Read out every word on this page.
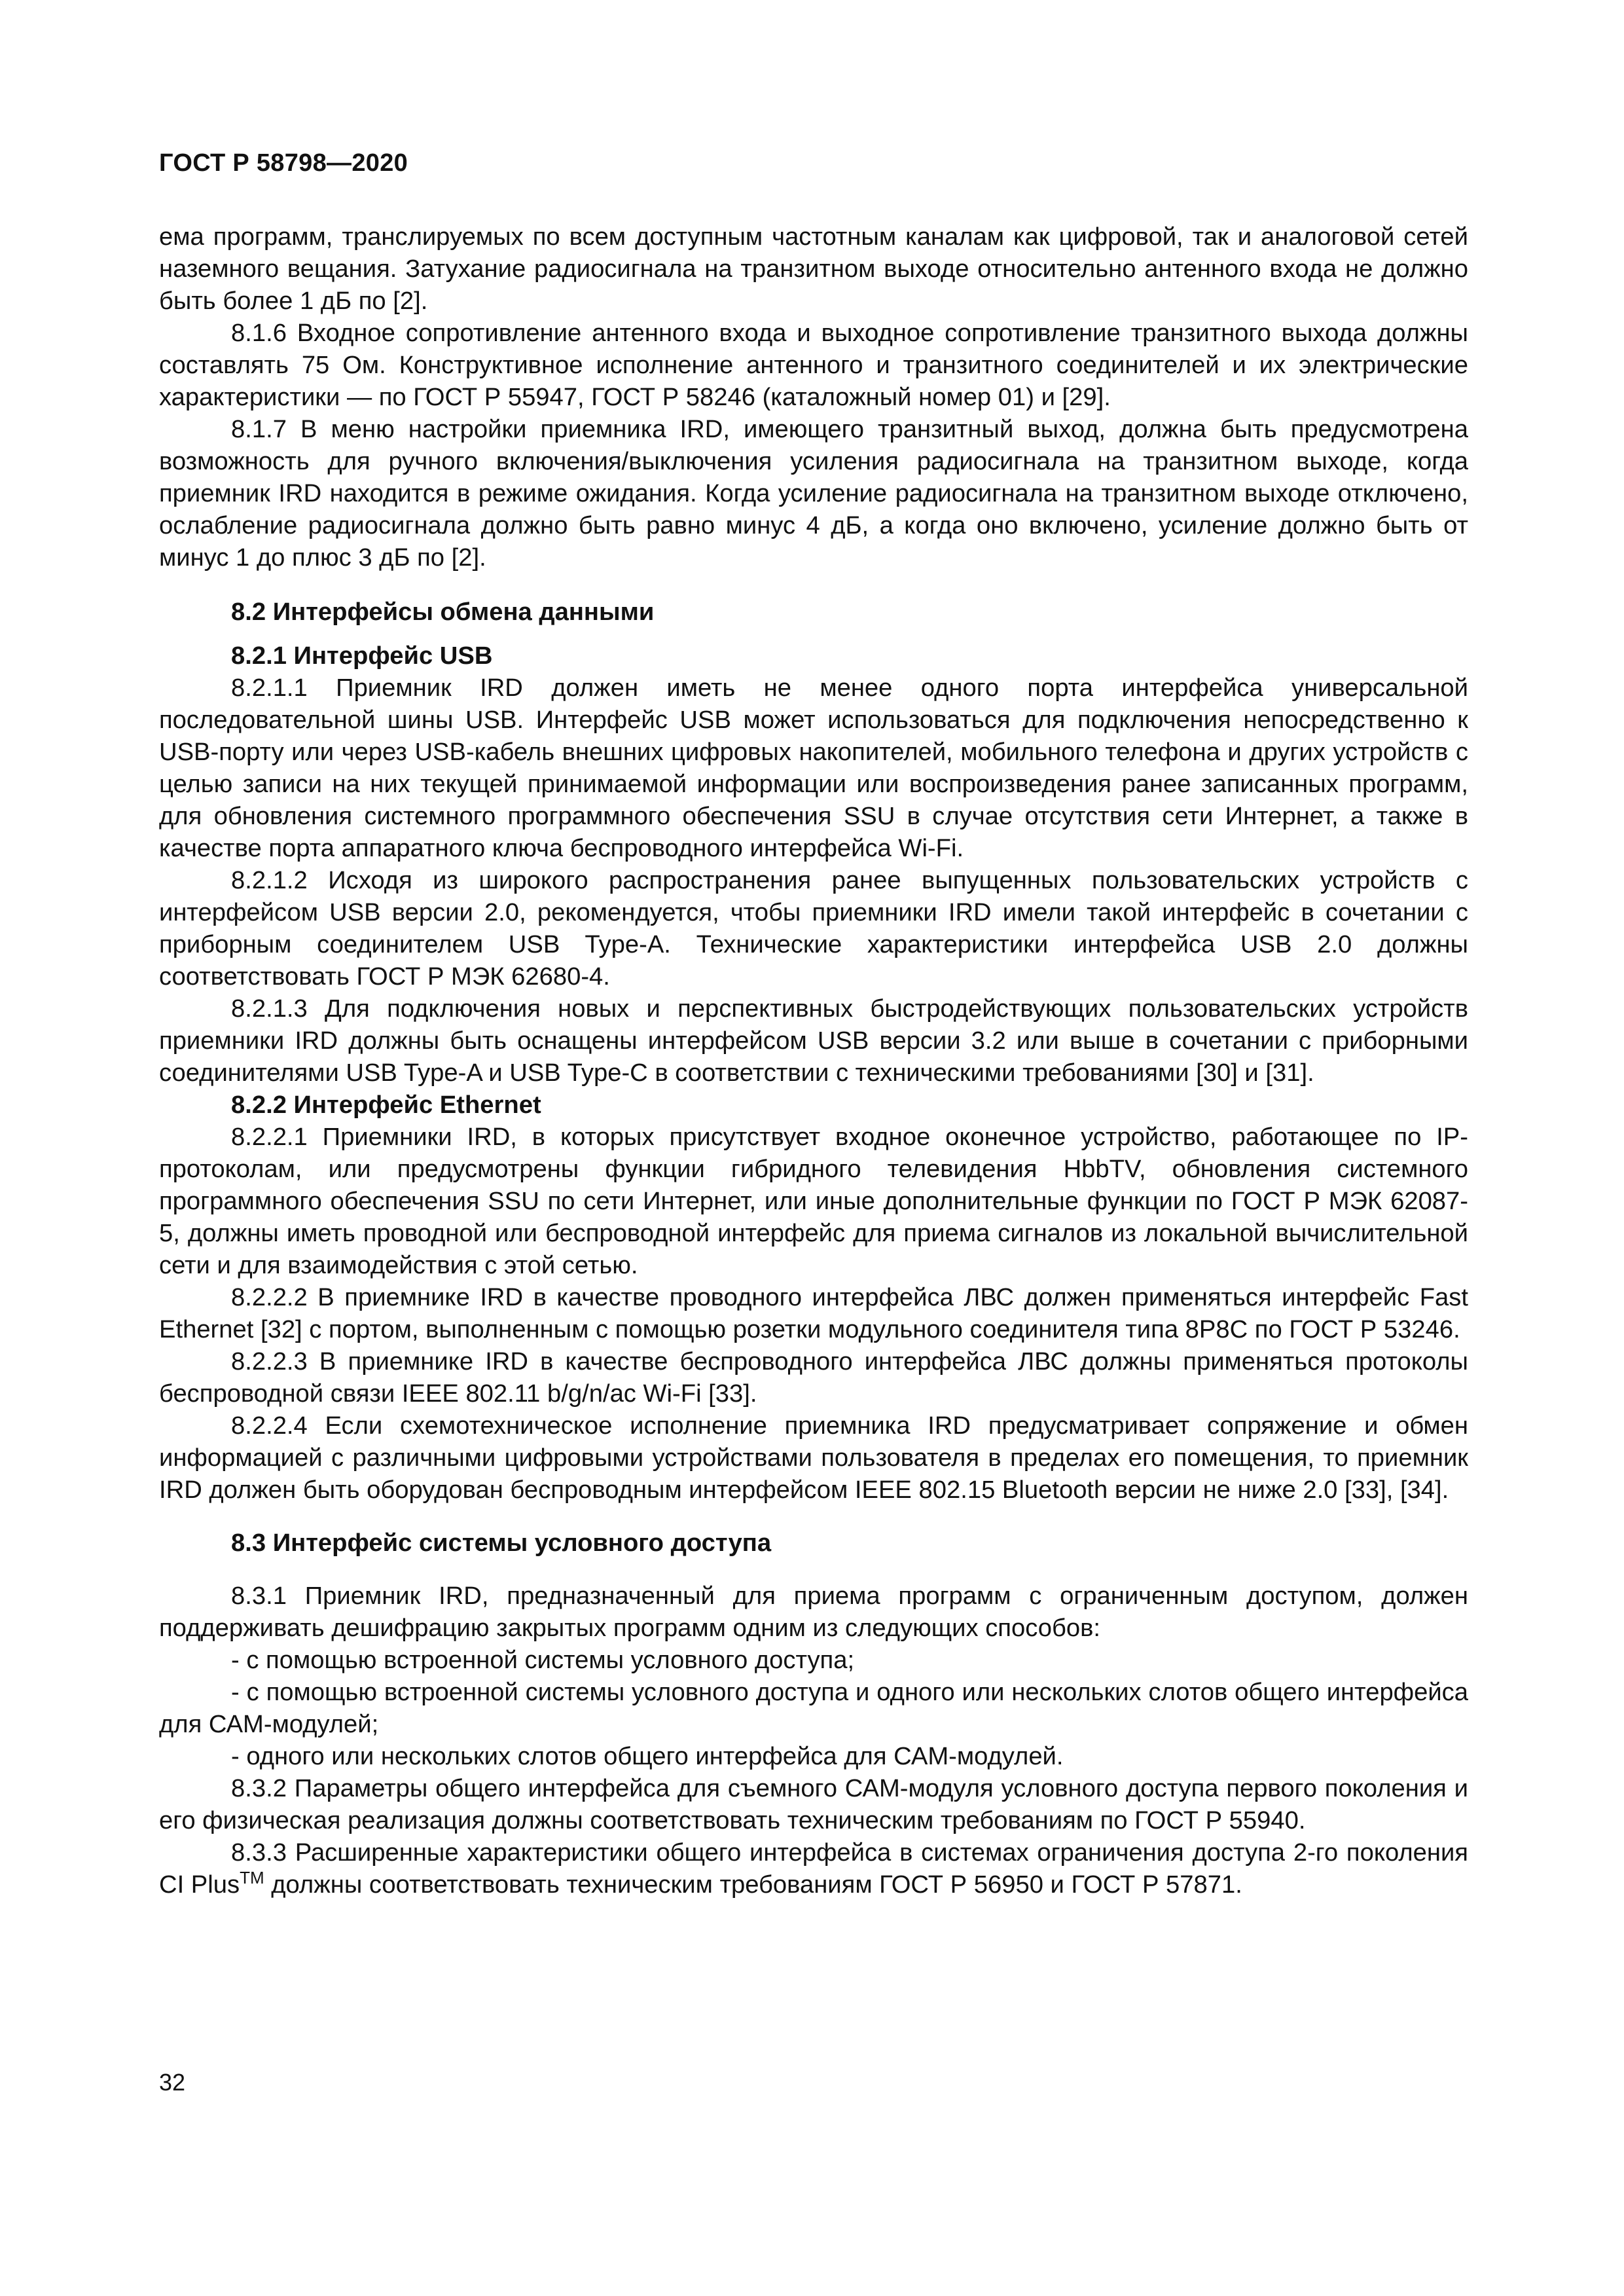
ГОСТ Р 58798—2020

ема программ, транслируемых по всем доступным частотным каналам как цифровой, так и аналоговой сетей наземного вещания. Затухание радиосигнала на транзитном выходе относительно антенного входа не должно быть более 1 дБ по [2].

8.1.6 Входное сопротивление антенного входа и выходное сопротивление транзитного выхода должны составлять 75 Ом. Конструктивное исполнение антенного и транзитного соединителей и их электрические характеристики — по ГОСТ Р 55947, ГОСТ Р 58246 (каталожный номер 01) и [29].

8.1.7 В меню настройки приемника IRD, имеющего транзитный выход, должна быть предусмотрена возможность для ручного включения/выключения усиления радиосигнала на транзитном выходе, когда приемник IRD находится в режиме ожидания. Когда усиление радиосигнала на транзитном выходе отключено, ослабление радиосигнала должно быть равно минус 4 дБ, а когда оно включено, усиление должно быть от минус 1 до плюс 3 дБ по [2].

8.2 Интерфейсы обмена данными
8.2.1 Интерфейс USB

8.2.1.1 Приемник IRD должен иметь не менее одного порта интерфейса универсальной последовательной шины USB. Интерфейс USB может использоваться для подключения непосредственно к USB-порту или через USB-кабель внешних цифровых накопителей, мобильного телефона и других устройств с целью записи на них текущей принимаемой информации или воспроизведения ранее записанных программ, для обновления системного программного обеспечения SSU в случае отсутствия сети Интернет, а также в качестве порта аппаратного ключа беспроводного интерфейса Wi-Fi.

8.2.1.2 Исходя из широкого распространения ранее выпущенных пользовательских устройств с интерфейсом USB версии 2.0, рекомендуется, чтобы приемники IRD имели такой интерфейс в сочетании с приборным соединителем USB Type-A. Технические характеристики интерфейса USB 2.0 должны соответствовать ГОСТ Р МЭК 62680-4.

8.2.1.3 Для подключения новых и перспективных быстродействующих пользовательских устройств приемники IRD должны быть оснащены интерфейсом USB версии 3.2 или выше в сочетании с приборными соединителями USB Type-A и USB Type-C в соответствии с техническими требованиями [30] и [31].

8.2.2 Интерфейс Ethernet

8.2.2.1 Приемники IRD, в которых присутствует входное оконечное устройство, работающее по IP-протоколам, или предусмотрены функции гибридного телевидения HbbTV, обновления системного программного обеспечения SSU по сети Интернет, или иные дополнительные функции по ГОСТ Р МЭК 62087-5, должны иметь проводной или беспроводной интерфейс для приема сигналов из локальной вычислительной сети и для взаимодействия с этой сетью.

8.2.2.2 В приемнике IRD в качестве проводного интерфейса ЛВС должен применяться интерфейс Fast Ethernet [32] с портом, выполненным с помощью розетки модульного соединителя типа 8Р8С по ГОСТ Р 53246.

8.2.2.3 В приемнике IRD в качестве беспроводного интерфейса ЛВС должны применяться протоколы беспроводной связи IEEE 802.11 b/g/n/ac Wi-Fi [33].

8.2.2.4 Если схемотехническое исполнение приемника IRD предусматривает сопряжение и обмен информацией с различными цифровыми устройствами пользователя в пределах его помещения, то приемник IRD должен быть оборудован беспроводным интерфейсом IEEE 802.15 Bluetooth версии не ниже 2.0 [33], [34].

8.3 Интерфейс системы условного доступа

8.3.1 Приемник IRD, предназначенный для приема программ с ограниченным доступом, должен поддерживать дешифрацию закрытых программ одним из следующих способов:

- с помощью встроенной системы условного доступа;

- с помощью встроенной системы условного доступа и одного или нескольких слотов общего интерфейса для САМ-модулей;

- одного или нескольких слотов общего интерфейса для САМ-модулей.

8.3.2 Параметры общего интерфейса для съемного САМ-модуля условного доступа первого поколения и его физическая реализация должны соответствовать техническим требованиям по ГОСТ Р 55940.

8.3.3 Расширенные характеристики общего интерфейса в системах ограничения доступа 2-го поколения CI Plus™ должны соответствовать техническим требованиям ГОСТ Р 56950 и ГОСТ Р 57871.

32
